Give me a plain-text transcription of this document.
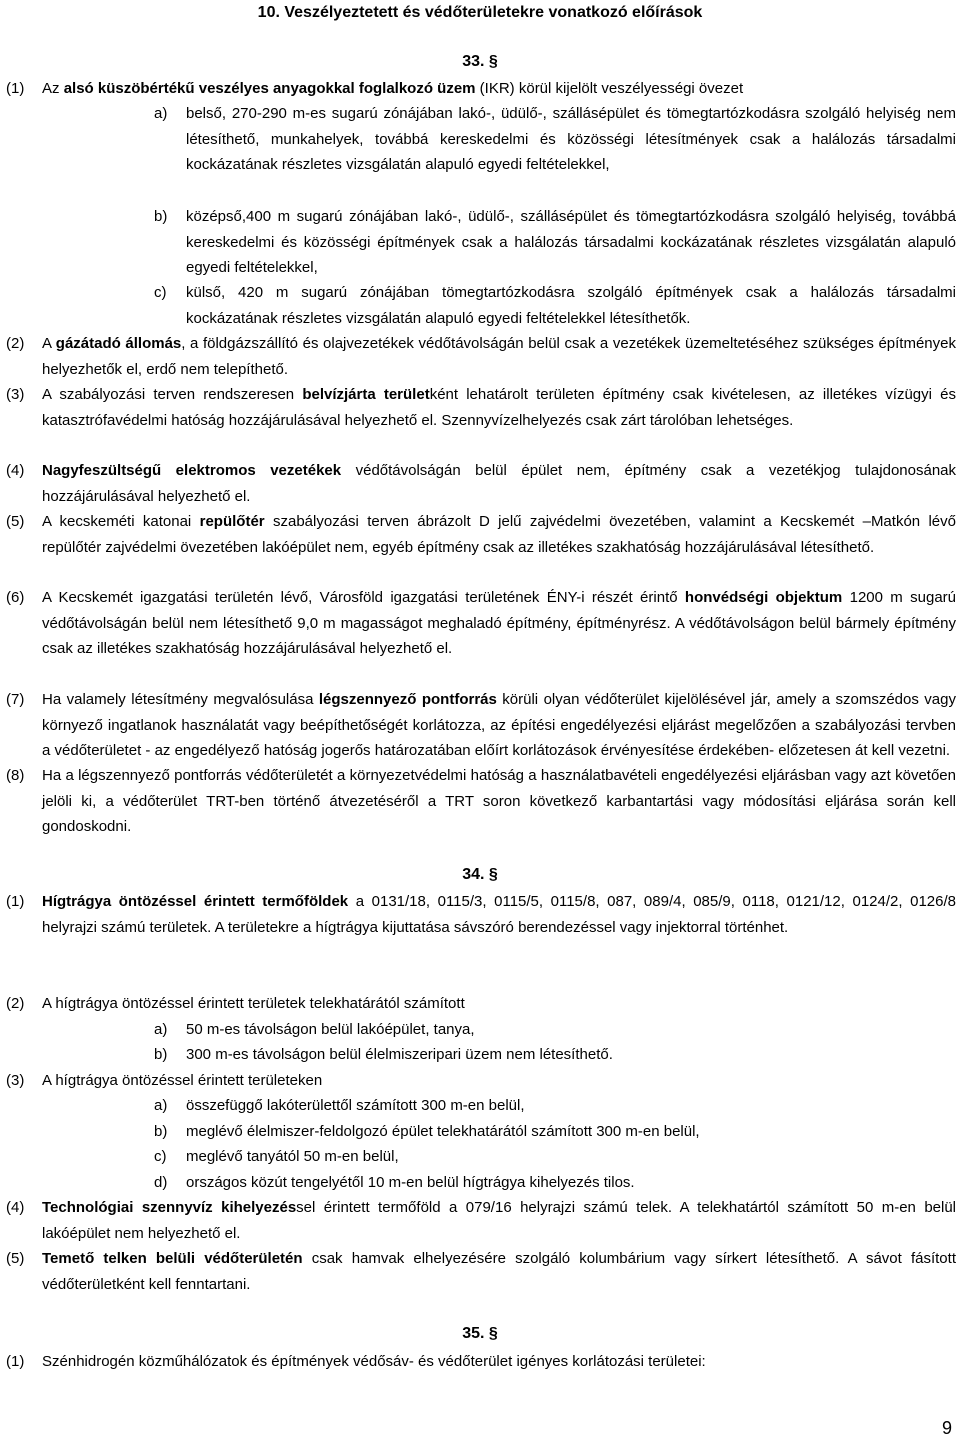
10. Veszélyeztetett és védőterületekre vonatkozó előírások
33. §
(1) Az alsó küszöbértékű veszélyes anyagokkal foglalkozó üzem (IKR) körül kijelölt veszélyességi övezet
a) belső, 270-290 m-es sugarú zónájában lakó-, üdülő-, szállásépület és tömegtartózkodásra szolgáló helyiség nem létesíthető, munkahelyek, továbbá kereskedelmi és közösségi létesítmények csak a halálozás társadalmi kockázatának részletes vizsgálatán alapuló egyedi feltételekkel,
b) középső,400 m sugarú zónájában lakó-, üdülő-, szállásépület és tömegtartózkodásra szolgáló helyiség, továbbá kereskedelmi és közösségi építmények csak a halálozás társadalmi kockázatának részletes vizsgálatán alapuló egyedi feltételekkel,
c) külső, 420 m sugarú zónájában tömegtartózkodásra szolgáló építmények csak a halálozás társadalmi kockázatának részletes vizsgálatán alapuló egyedi feltételekkel létesíthetők.
(2) A gázátadó állomás, a földgázszállító és olajvezetékek védőtávolságán belül csak a vezetékek üzemeltetéséhez szükséges építmények helyezhetők el, erdő nem telepíthető.
(3) A szabályozási terven rendszeresen belvízjárta területként lehatárolt területen építmény csak kivételesen, az illetékes vízügyi és katasztrófavédelmi hatóság hozzájárulásával helyezhető el. Szennyvízelhelyezés csak zárt tárolóban lehetséges.
(4) Nagyfeszültségű elektromos vezetékek védőtávolságán belül épület nem, építmény csak a vezetékjog tulajdonosának hozzájárulásával helyezhető el.
(5) A kecskeméti katonai repülőtér szabályozási terven ábrázolt D jelű zajvédelmi övezetében, valamint a Kecskemét –Matkón lévő repülőtér zajvédelmi övezetében lakóépület nem, egyéb építmény csak az illetékes szakhatóság hozzájárulásával létesíthető.
(6) A Kecskemét igazgatási területén lévő, Városföld igazgatási területének ÉNY-i részét érintő honvédségi objektum 1200 m sugarú védőtávolságán belül nem létesíthető 9,0 m magasságot meghaladó építmény, építményrész. A védőtávolságon belül bármely építmény csak az illetékes szakhatóság hozzájárulásával helyezhető el.
(7) Ha valamely létesítmény megvalósulása légszennyező pontforrás körüli olyan védőterület kijelölésével jár, amely a szomszédos vagy környező ingatlanok használatát vagy beépíthetőségét korlátozza, az építési engedélyezési eljárást megelőzően a szabályozási tervben a védőterületet - az engedélyező hatóság jogerős határozatában előírt korlátozások érvényesítése érdekében- előzetesen át kell vezetni.
(8) Ha a légszennyező pontforrás védőterületét a környezetvédelmi hatóság a használatbavételi engedélyezési eljárásban vagy azt követően jelöli ki, a védőterület TRT-ben történő átvezetéséről a TRT soron következő karbantartási vagy módosítási eljárása során kell gondoskodni.
34. §
(1) Hígtrágya öntözéssel érintett termőföldek a 0131/18, 0115/3, 0115/5, 0115/8, 087, 089/4, 085/9, 0118, 0121/12, 0124/2, 0126/8 helyrajzi számú területek. A területekre a hígtrágya kijuttatása sávszóró berendezéssel vagy injektorral történhet.
(2) A hígtrágya öntözéssel érintett területek telekhatárától számított
a) 50 m-es távolságon belül lakóépület, tanya,
b) 300 m-es távolságon belül élelmiszeripari üzem nem létesíthető.
(3) A hígtrágya öntözéssel érintett területeken
a) összefüggő lakóterülettől számított 300 m-en belül,
b) meglévő élelmiszer-feldolgozó épület telekhatárától számított 300 m-en belül,
c) meglévő tanyától 50 m-en belül,
d) országos közút tengelyétől 10 m-en belül hígtrágya kihelyezés tilos.
(4) Technológiai szennyvíz kihelyezéssel érintett termőföld a 079/16 helyrajzi számú telek. A telekhatártól számított 50 m-en belül lakóépület nem helyezhető el.
(5) Temető telken belüli védőterületén csak hamvak elhelyezésére szolgáló kolumbárium vagy sírkert létesíthető. A sávot fásított védőterületként kell fenntartani.
35. §
(1) Szénhidrogén közműhálózatok és építmények védősáv- és védőterület igényes korlátozási területei:
9
